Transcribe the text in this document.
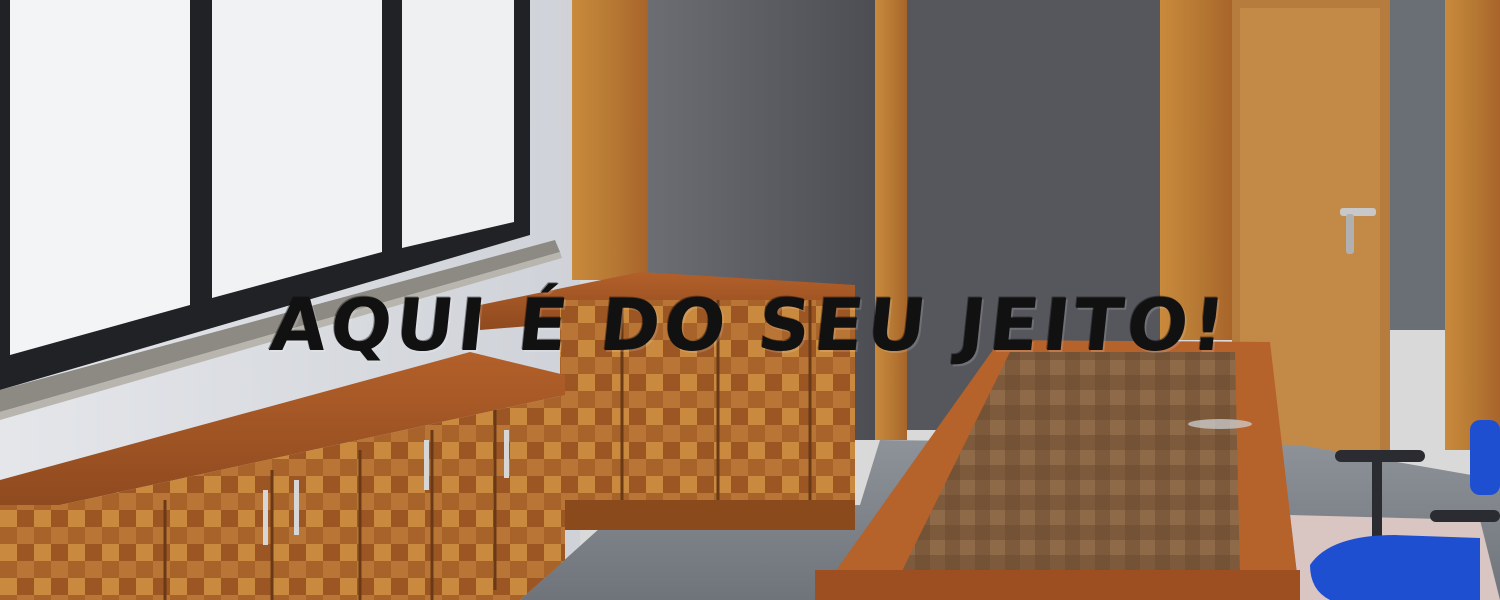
AQUI É DO SEU JEITO!
